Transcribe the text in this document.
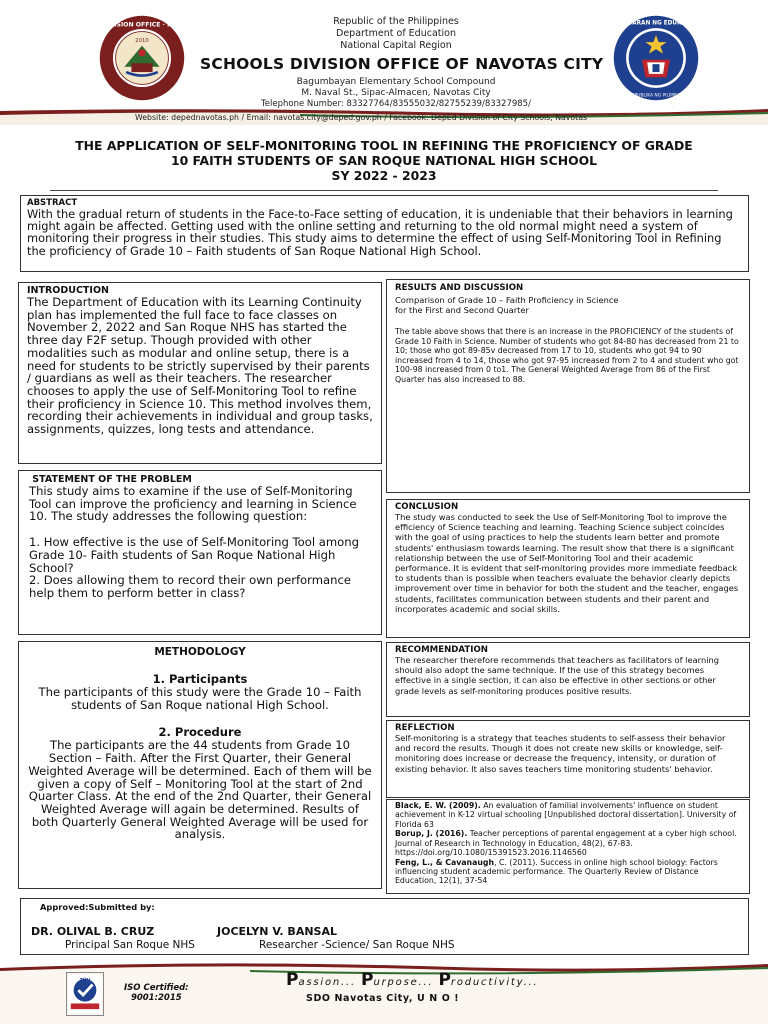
SCHOOLS DIVISION OFFICE · NAVOTAS CITY
2010
Republic of the Philippines
Department of Education
National Capital Region
SCHOOLS DIVISION OFFICE OF NAVOTAS CITY
Bagumbayan Elementary School Compound
M. Naval St., Sipac-Almacen, Navotas City
Telephone Number: 83327764/83555032/82755239/83327985/
KAGAWARAN NG EDUKASYON
REPUBLIKA NG PILIPINAS
Website: depednavotas.ph / Email: navotas.city@deped.gov.ph / Facebook: DepEd Division of City Schools, Navotas
THE APPLICATION OF SELF-MONITORING TOOL IN REFINING THE PROFICIENCY OF GRADE
10 FAITH STUDENTS OF SAN ROQUE NATIONAL HIGH SCHOOL
SY 2022 - 2023
ABSTRACT
With the gradual return of students in the Face-to-Face setting of education, it is undeniable that their behaviors in learning might again be affected. Getting used with the online setting and returning to the old normal might need a system of monitoring their progress in their studies. This study aims to determine the effect of using Self-Monitoring Tool in Refining the proficiency of Grade 10 – Faith students of San Roque National High School.
INTRODUCTION
The Department of Education with its Learning Continuity plan has implemented the full face to face classes on November 2, 2022 and San Roque NHS has started the three day F2F setup. Though provided with other modalities such as modular and online setup, there is a need for students to be strictly supervised by their parents / guardians as well as their teachers. The researcher chooses to apply the use of Self-Monitoring Tool to refine their proficiency in Science 10. This method involves them, recording their achievements in individual and group tasks, assignments, quizzes, long tests and attendance.
STATEMENT OF THE PROBLEM
This study aims to examine if the use of Self-Monitoring Tool can improve the proficiency and learning in Science 10. The study addresses the following question:
1. How effective is the use of Self-Monitoring Tool among Grade 10- Faith students of San Roque National High School?
2. Does allowing them to record their own performance help them to perform better in class?
METHODOLOGY
1. Participants
The participants of this study were the Grade 10 – Faith students of San Roque national High School.
2. Procedure
The participants are the 44 students from Grade 10 Section – Faith. After the First Quarter, their General Weighted Average will be determined. Each of them will be given a copy of Self – Monitoring Tool at the start of 2nd Quarter Class. At the end of the 2nd Quarter, their General Weighted Average will again be determined. Results of both Quarterly General Weighted Average will be used for analysis.
RESULTS AND DISCUSSION
Comparison of Grade 10 – Faith Proficiency in Science
for the First and Second Quarter
The table above shows that there is an increase in the PROFICIENCY of the students of Grade 10 Faith in Science. Number of students who got 84-80 has decreased from 21 to 10; those who got 89-85v decreased from 17 to 10, students who got 94 to 90 increased from 4 to 14, those who got 97-95 increased from 2 to 4 and student who got 100-98 increased from 0 to1. The General Weighted Average from 86 of the First Quarter has also increased to 88.
CONCLUSION
The study was conducted to seek the Use of Self-Monitoring Tool to improve the efficiency of Science teaching and learning. Teaching Science subject coincides with the goal of using practices to help the students learn better and promote students' enthusiasm towards learning. The result show that there is a significant relationship between the use of Self-Monitoring Tool and their academic performance. It is evident that self-monitoring provides more immediate feedback to students than is possible when teachers evaluate the behavior clearly depicts improvement over time in behavior for both the student and the teacher, engages students, facilitates communication between students and their parent and incorporates academic and social skills.
RECOMMENDATION
The researcher therefore recommends that teachers as facilitators of learning should also adopt the same technique. If the use of this strategy becomes effective in a single section, it can also be effective in other sections or other grade levels as self-monitoring produces positive results.
REFLECTION
Self-monitoring is a strategy that teaches students to self-assess their behavior and record the results. Though it does not create new skills or knowledge, self-monitoring does increase or decrease the frequency, intensity, or duration of existing behavior. It also saves teachers time monitoring students' behavior.
Black, E. W. (2009). An evaluation of familial involvements' influence on student achievement in K-12 virtual schooling [Unpublished doctoral dissertation]. University of Florida 63
Borup, J. (2016). Teacher perceptions of parental engagement at a cyber high school. Journal of Research in Technology in Education, 48(2), 67-83. https://doi.org/10.1080/15391523.2016.1146560
Feng, L., & Cavanaugh, C. (2011). Success in online high school biology: Factors influencing student academic performance. The Quarterly Review of Distance Education, 12(1), 37-54
Approved:Submitted by:
DR. OLIVAL B. CRUZ
Principal San Roque NHS
JOCELYN V. BANSAL
Researcher -Science/ San Roque NHS
TÜV
ISO Certified:
9001:2015
Passion... Purpose... Productivity...
SDO Navotas City, U N O !
